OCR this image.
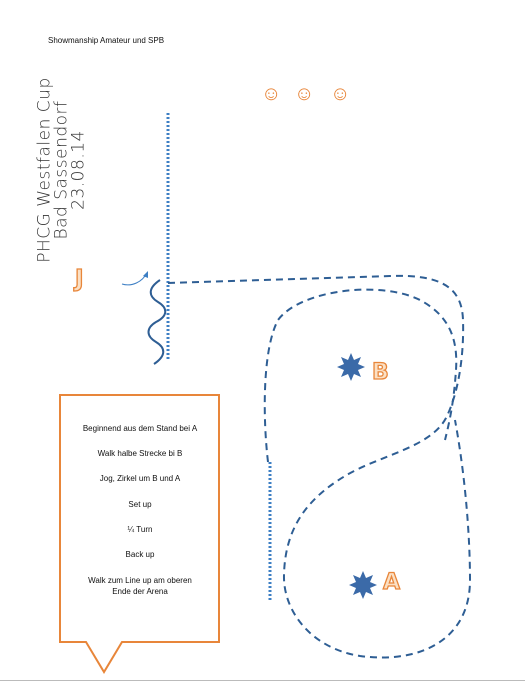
Showmanship Amateur und SPB
PHCG Westfalen Cup
Bad Sassendorf
23.08.14
☺ ☺ ☺
J
B
A
Beginnend aus dem Stand bei A
Walk halbe Strecke bi B
Jog, Zirkel um B und A
Set up
¼ Turn
Back up
Walk zum Line up am oberen
Ende der Arena
